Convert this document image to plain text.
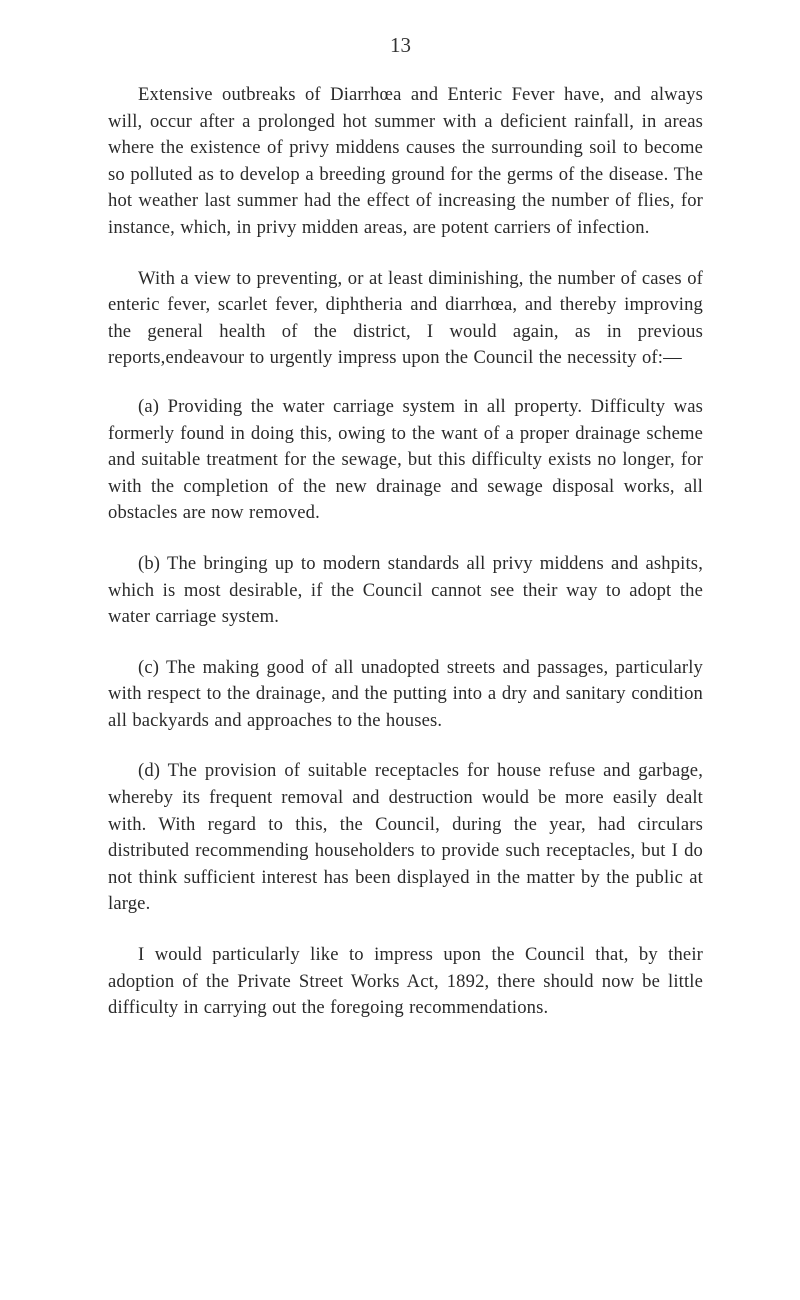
13

Extensive outbreaks of Diarrhœa and Enteric Fever have, and always will, occur after a prolonged hot summer with a deficient rainfall, in areas where the existence of privy middens causes the surrounding soil to become so polluted as to develop a breeding ground for the germs of the disease. The hot weather last summer had the effect of increasing the number of flies, for instance, which, in privy midden areas, are potent carriers of infection.

With a view to preventing, or at least diminishing, the number of cases of enteric fever, scarlet fever, diphtheria and diarrhœa, and thereby improving the general health of the district, I would again, as in previous reports,endeavour to urgently impress upon the Council the necessity of:—

(a) Providing the water carriage system in all property. Difficulty was formerly found in doing this, owing to the want of a proper drainage scheme and suitable treatment for the sewage, but this difficulty exists no longer, for with the completion of the new drainage and sewage disposal works, all obstacles are now removed.

(b) The bringing up to modern standards all privy middens and ashpits, which is most desirable, if the Council cannot see their way to adopt the water carriage system.

(c) The making good of all unadopted streets and passages, particularly with respect to the drainage, and the putting into a dry and sanitary condition all backyards and approaches to the houses.

(d) The provision of suitable receptacles for house refuse and garbage, whereby its frequent removal and destruction would be more easily dealt with. With regard to this, the Council, during the year, had circulars distributed recommending householders to provide such receptacles, but I do not think sufficient interest has been displayed in the matter by the public at large.

I would particularly like to impress upon the Council that, by their adoption of the Private Street Works Act, 1892, there should now be little difficulty in carrying out the foregoing recommendations.
